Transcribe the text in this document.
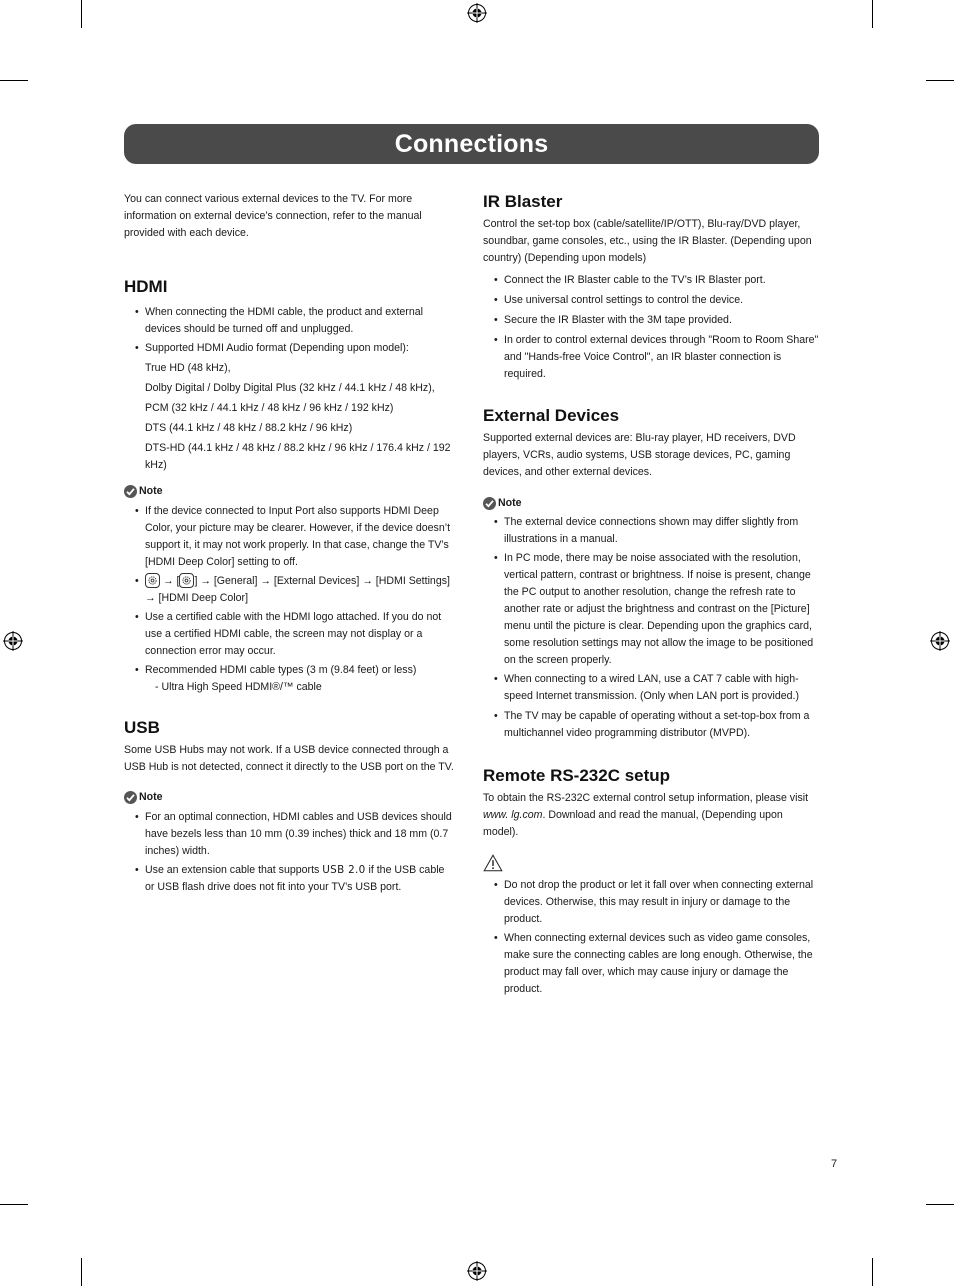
Connections

You can connect various external devices to the TV. For more information on external device’s connection, refer to the manual provided with each device.

HDMI
• When connecting the HDMI cable, the product and external devices should be turned off and unplugged.
• Supported HDMI Audio format (Depending upon model):
True HD (48 kHz),
Dolby Digital / Dolby Digital Plus (32 kHz / 44.1 kHz / 48 kHz),
PCM (32 kHz / 44.1 kHz / 48 kHz / 96 kHz / 192 kHz)
DTS (44.1 kHz / 48 kHz / 88.2 kHz / 96 kHz)
DTS-HD (44.1 kHz / 48 kHz / 88.2 kHz / 96 kHz / 176.4 kHz / 192 kHz)
Note
• If the device connected to Input Port also supports HDMI Deep Color, your picture may be clearer. However, if the device doesn’t support it, it may not work properly. In that case, change the TV’s [HDMI Deep Color] setting to off.
• → [ ] → [General] → [External Devices] → [HDMI Settings] → [HDMI Deep Color]
• Use a certified cable with the HDMI logo attached. If you do not use a certified HDMI cable, the screen may not display or a connection error may occur.
• Recommended HDMI cable types (3 m (9.84 feet) or less)
- Ultra High Speed HDMI®/™ cable
USB

Some USB Hubs may not work. If a USB device connected through a USB Hub is not detected, connect it directly to the USB port on the TV.

Note
• For an optimal connection, HDMI cables and USB devices should have bezels less than 10 mm (0.39 inches) thick and 18 mm (0.7 inches) width.
• Use an extension cable that supports USB 2.0 if the USB cable or USB flash drive does not fit into your TV’s USB port.
IR Blaster

Control the set-top box (cable/satellite/IP/OTT), Blu-ray/DVD player, soundbar, game consoles, etc., using the IR Blaster. (Depending upon country) (Depending upon models)

• Connect the IR Blaster cable to the TV’s IR Blaster port.
• Use universal control settings to control the device.
• Secure the IR Blaster with the 3M tape provided.
• In order to control external devices through "Room to Room Share" and "Hands-free Voice Control", an IR blaster connection is required.
External Devices

Supported external devices are: Blu-ray player, HD receivers, DVD players, VCRs, audio systems, USB storage devices, PC, gaming devices, and other external devices.

Note
• The external device connections shown may differ slightly from illustrations in a manual.
• In PC mode, there may be noise associated with the resolution, vertical pattern, contrast or brightness. If noise is present, change the PC output to another resolution, change the refresh rate to another rate or adjust the brightness and contrast on the [Picture] menu until the picture is clear. Depending upon the graphics card, some resolution settings may not allow the image to be positioned on the screen properly.
• When connecting to a wired LAN, use a CAT 7 cable with high-speed Internet transmission. (Only when LAN port is provided.)
• The TV may be capable of operating without a set-top-box from a multichannel video programming distributor (MVPD).
Remote RS-232C setup

To obtain the RS-232C external control setup information, please visit www. lg.com. Download and read the manual, (Depending upon model).

• Do not drop the product or let it fall over when connecting external devices. Otherwise, this may result in injury or damage to the product.
• When connecting external devices such as video game consoles, make sure the connecting cables are long enough. Otherwise, the product may fall over, which may cause injury or damage the product.
7
